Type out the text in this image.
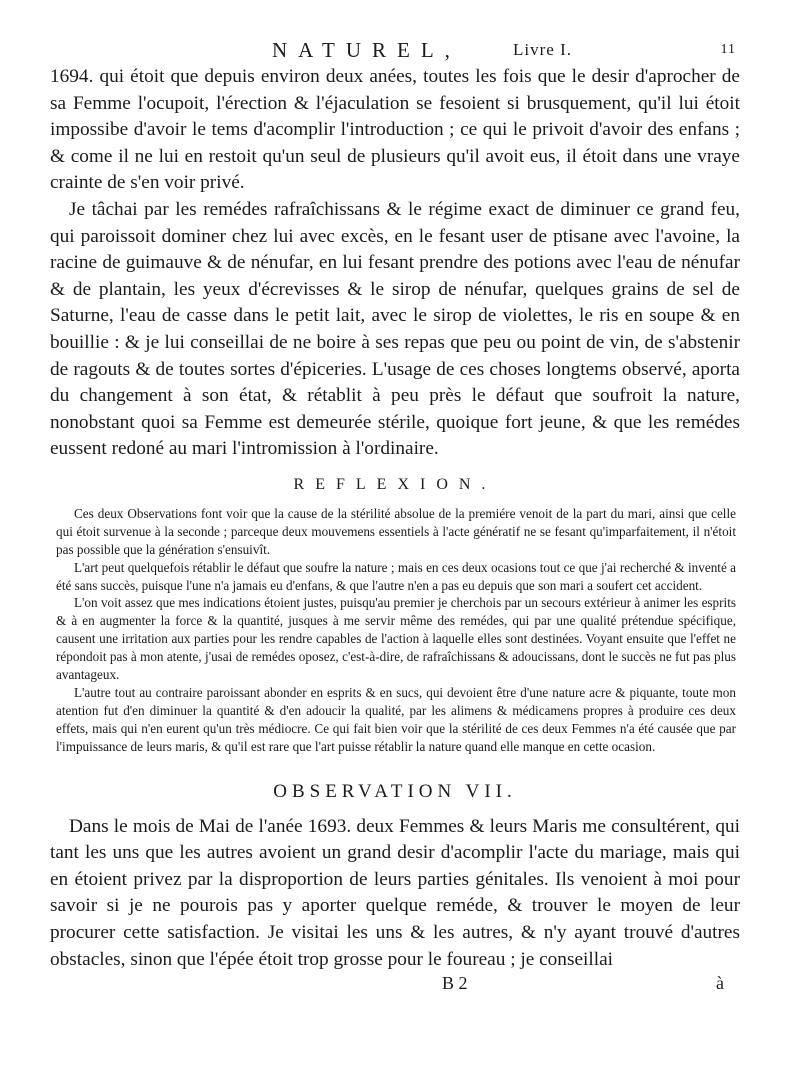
NATUREL,	Livre I.	11

1694. qui étoit que depuis environ deux anées, toutes les fois que le desir d'aprocher de sa Femme l'ocupoit, l'érection & l'éjaculation se fesoient si brusquement, qu'il lui étoit impossibe d'avoir le tems d'acomplir l'introduction ; ce qui le privoit d'avoir des enfans ; & come il ne lui en restoit qu'un seul de plusieurs qu'il avoit eus, il étoit dans une vraye crainte de s'en voir privé.

Je tâchai par les remédes rafraîchissans & le régime exact de diminuer ce grand feu, qui paroissoit dominer chez lui avec excès, en le fesant user de ptisane avec l'avoine, la racine de guimauve & de nénufar, en lui fesant prendre des potions avec l'eau de nénufar & de plantain, les yeux d'écrevisses & le sirop de nénufar, quelques grains de sel de Saturne, l'eau de casse dans le petit lait, avec le sirop de violettes, le ris en soupe & en bouillie : & je lui conseillai de ne boire à ses repas que peu ou point de vin, de s'abstenir de ragouts & de toutes sortes d'épiceries. L'usage de ces choses longtems observé, aporta du changement à son état, & rétablit à peu près le défaut que soufroit la nature, nonobstant quoi sa Femme est demeurée stérile, quoique fort jeune, & que les remédes eussent redoné au mari l'intromission à l'ordinaire.

REFLEXION.

Ces deux Observations font voir que la cause de la stérilité absolue de la premiére venoit de la part du mari, ainsi que celle qui étoit survenue à la seconde ; parceque deux mouvemens essentiels à l'acte génératif ne se fesant qu'imparfaitement, il n'étoit pas possible que la génération s'ensuivît.

L'art peut quelquefois rétablir le défaut que soufre la nature ; mais en ces deux ocasions tout ce que j'ai recherché & inventé a été sans succès, puisque l'une n'a jamais eu d'enfans, & que l'autre n'en a pas eu depuis que son mari a soufert cet accident.

L'on voit assez que mes indications étoient justes, puisqu'au premier je cherchois par un secours extérieur à animer les esprits & à en augmenter la force & la quantité, jusques à me servir même des remédes, qui par une qualité prétendue spécifique, causent une irritation aux parties pour les rendre capables de l'action à laquelle elles sont destinées. Voyant ensuite que l'effet ne répondoit pas à mon atente, j'usai de remédes oposez, c'est-à-dire, de rafraîchissans & adoucissans, dont le succès ne fut pas plus avantageux.

L'autre tout au contraire paroissant abonder en esprits & en sucs, qui devoient être d'une nature acre & piquante, toute mon atention fut d'en diminuer la quantité & d'en adoucir la qualité, par les alimens & médicamens propres à produire ces deux effets, mais qui n'en eurent qu'un très médiocre. Ce qui fait bien voir que la stérilité de ces deux Femmes n'a été causée que par l'impuissance de leurs maris, & qu'il est rare que l'art puisse rétablir la nature quand elle manque en cette ocasion.

OBSERVATION VII.

Dans le mois de Mai de l'anée 1693. deux Femmes & leurs Maris me consultérent, qui tant les uns que les autres avoient un grand desir d'acomplir l'acte du mariage, mais qui en étoient privez par la disproportion de leurs parties génitales. Ils venoient à moi pour savoir si je ne pourois pas y aporter quelque reméde, & trouver le moyen de leur procurer cette satisfaction. Je visitai les uns & les autres, & n'y ayant trouvé d'autres obstacles, sinon que l'épée étoit trop grosse pour le foureau ; je conseillai

B 2	à
